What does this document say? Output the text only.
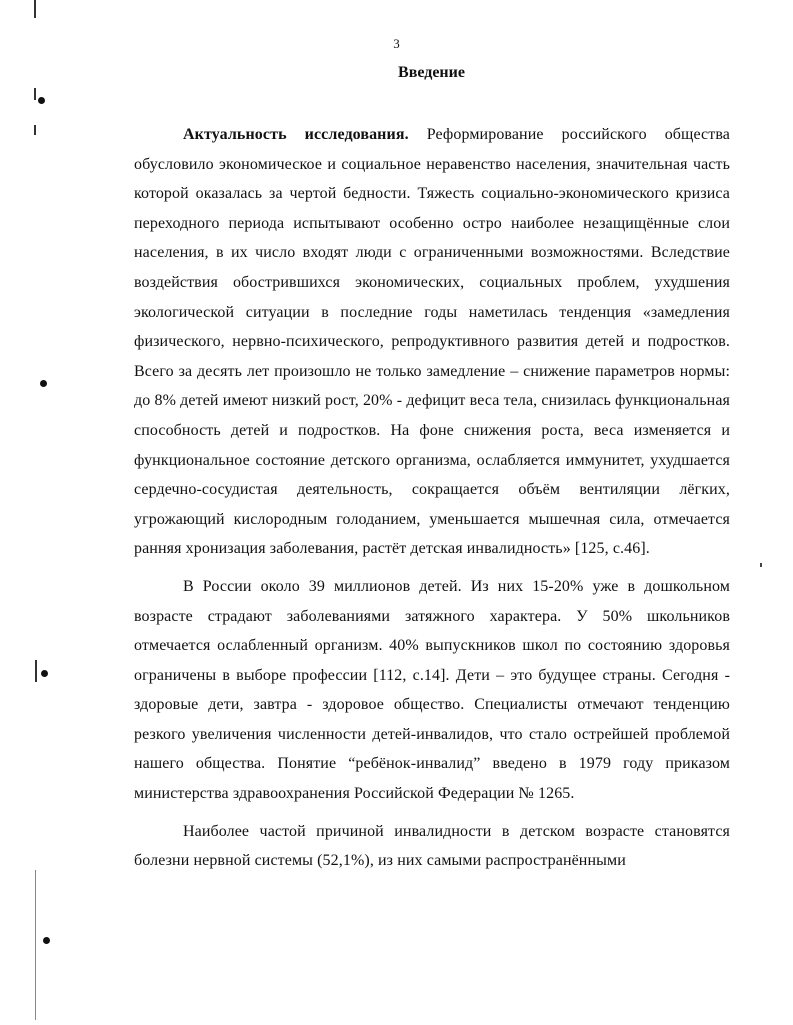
3
Введение

Актуальность исследования. Реформирование российского общества обусловило экономическое и социальное неравенство населения, значительная часть которой оказалась за чертой бедности. Тяжесть социально-экономического кризиса переходного периода испытывают особенно остро наиболее незащищённые слои населения, в их число входят люди с ограниченными возможностями. Вследствие воздействия обострившихся экономических, социальных проблем, ухудшения экологической ситуации в последние годы наметилась тенденция «замедления физического, нервно-психического, репродуктивного развития детей и подростков. Всего за десять лет произошло не только замедление – снижение параметров нормы: до 8% детей имеют низкий рост, 20% - дефицит веса тела, снизилась функциональная способность детей и подростков. На фоне снижения роста, веса изменяется и функциональное состояние детского организма, ослабляется иммунитет, ухудшается сердечно-сосудистая деятельность, сокращается объём вентиляции лёгких, угрожающий кислородным голоданием, уменьшается мышечная сила, отмечается ранняя хронизация заболевания, растёт детская инвалидность» [125, с.46].

В России около 39 миллионов детей. Из них 15-20% уже в дошкольном возрасте страдают заболеваниями затяжного характера. У 50% школьников отмечается ослабленный организм. 40% выпускников школ по состоянию здоровья ограничены в выборе профессии [112, с.14]. Дети – это будущее страны. Сегодня - здоровые дети, завтра - здоровое общество. Специалисты отмечают тенденцию резкого увеличения численности детей-инвалидов, что стало острейшей проблемой нашего общества. Понятие “ребёнок-инвалид” введено в 1979 году приказом министерства здравоохранения Российской Федерации № 1265.

Наиболее частой причиной инвалидности в детском возрасте становятся болезни нервной системы (52,1%), из них самыми распространёнными
